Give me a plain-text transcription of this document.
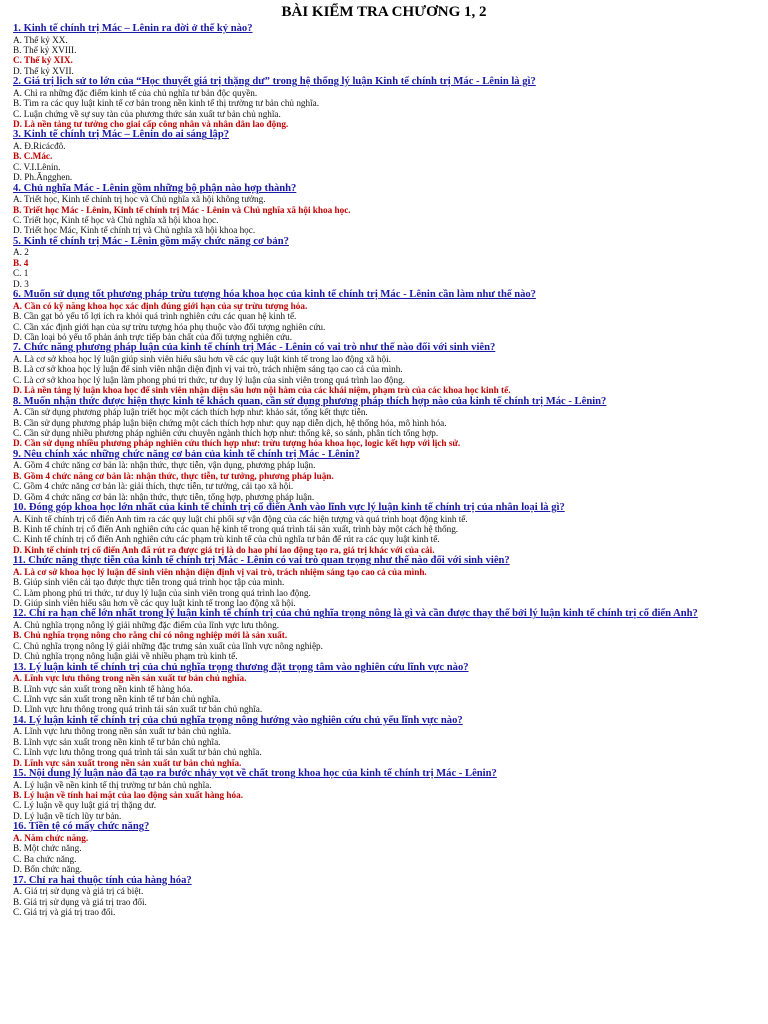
BÀI KIỂM TRA CHƯƠNG 1, 2
1. Kinh tế chính trị Mác – Lênin ra đời ở thế kỷ nào?
A. Thế kỷ XX.
B. Thế kỷ XVIII.
C. Thế kỷ XIX.
D. Thế kỷ XVII.
2. Giá trị lịch sử to lớn của “Học thuyết giá trị thặng dư” trong hệ thống lý luận Kinh tế chính trị Mác - Lênin là gì?
A. Chỉ ra những đặc điểm kinh tế của chủ nghĩa tư bản độc quyền.
B. Tìm ra các quy luật kinh tế cơ bản trong nền kinh tế thị trường tư bản chủ nghĩa.
C. Luận chứng về sự suy tàn của phương thức sản xuất tư bản chủ nghĩa.
D. Là nền tảng tư tưởng cho giai cấp công nhân và nhân dân lao động.
3. Kinh tế chính trị Mác – Lênin do ai sáng lập?
A. Đ.Ricácđô.
B. C.Mác.
C. V.I.Lênin.
D. Ph.Ăngghen.
4. Chủ nghĩa Mác - Lênin gồm những bộ phận nào hợp thành?
A. Triết học, Kinh tế chính trị học và Chủ nghĩa xã hội không tưởng.
B. Triết học Mác - Lênin, Kinh tế chính trị Mác - Lênin và Chủ nghĩa xã hội khoa học.
C. Triết học, Kinh tế học và Chủ nghĩa xã hội khoa học.
D. Triết học Mác, Kinh tế chính trị và Chủ nghĩa xã hội khoa học.
5. Kinh tế chính trị Mác - Lênin gồm mấy chức năng cơ bản?
A. 2
B. 4
C. 1
D. 3
6. Muốn sử dụng tốt phương pháp trừu tượng hóa khoa học của kinh tế chính trị Mác - Lênin cần làm như thế nào?
A. Cần có kỹ năng khoa học xác định đúng giới hạn của sự trừu tượng hóa.
B. Cần gạt bỏ yếu tố lợi ích ra khỏi quá trình nghiên cứu các quan hệ kinh tế.
C. Cần xác định giới hạn của sự trừu tượng hóa phụ thuộc vào đối tượng nghiên cứu.
D. Cần loại bỏ yếu tố phản ánh trực tiếp bản chất của đối tượng nghiên cứu.
7. Chức năng phương pháp luận của kinh tế chính trị Mác - Lênin có vai trò như thế nào đối với sinh viên?
A. Là cơ sở khoa học lý luận giúp sinh viên hiểu sâu hơn về các quy luật kinh tế trong lao động xã hội.
B. Là cơ sở khoa học lý luận để sinh viên nhận diện định vị vai trò, trách nhiệm sáng tạo cao cả của mình.
C. Là cơ sở khoa học lý luận làm phong phú tri thức, tư duy lý luận của sinh viên trong quá trình lao động.
D. Là nền tảng lý luận khoa học để sinh viên nhận diện sâu hơn nội hàm của các khái niệm, phạm trù của các khoa học kinh tế.
8. Muốn nhận thức được hiện thực kinh tế khách quan, cần sử dụng phương pháp thích hợp nào của kinh tế chính trị Mác - Lênin?
A. Cần sử dụng phương pháp luận triết học một cách thích hợp như: khảo sát, tổng kết thực tiễn.
B. Cần sử dụng phương pháp luận biện chứng một cách thích hợp như: quy nạp diễn dịch, hệ thống hóa, mô hình hóa.
C. Cần sử dụng nhiều phương pháp nghiên cứu chuyên ngành thích hợp như: thống kê, so sánh, phân tích tổng hợp.
D. Cần sử dụng nhiều phương pháp nghiên cứu thích hợp như: trừu tượng hóa khoa học, logic kết hợp với lịch sử.
9. Nêu chính xác những chức năng cơ bản của kinh tế chính trị Mác - Lênin?
A. Gồm 4 chức năng cơ bản là: nhận thức, thực tiễn, vận dụng, phương pháp luận.
B. Gồm 4 chức năng cơ bản là: nhận thức, thực tiễn, tư tưởng, phương pháp luận.
C. Gồm 4 chức năng cơ bản là: giải thích, thực tiễn, tư tưởng, cải tạo xã hội.
D. Gồm 4 chức năng cơ bản là: nhận thức, thực tiễn, tổng hợp, phương pháp luận.
10. Đóng góp khoa học lớn nhất của kinh tế chính trị cổ điển Anh vào lĩnh vực lý luận kinh tế chính trị của nhân loại là gì?
A. Kinh tế chính trị cổ điển Anh tìm ra các quy luật chi phối sự vận động của các hiện tượng và quá trình hoạt động kinh tế.
B. Kinh tế chính trị cổ điển Anh nghiên cứu các quan hệ kinh tế trong quá trình tái sản xuất, trình bày một cách hệ thống.
C. Kinh tế chính trị cổ điển Anh nghiên cứu các phạm trù kinh tế của chủ nghĩa tư bản để rút ra các quy luật kinh tế.
D. Kinh tế chính trị cổ điển Anh đã rút ra được giá trị là do hao phí lao động tạo ra, giá trị khác với của cải.
11. Chức năng thực tiễn của kinh tế chính trị Mác - Lênin có vai trò quan trọng như thế nào đối với sinh viên?
A. Là cơ sở khoa học lý luận để sinh viên nhận diện định vị vai trò, trách nhiệm sáng tạo cao cả của mình.
B. Giúp sinh viên cải tạo được thực tiễn trong quá trình học tập của mình.
C. Làm phong phú tri thức, tư duy lý luận của sinh viên trong quá trình lao động.
D. Giúp sinh viên hiểu sâu hơn về các quy luật kinh tế trong lao động xã hội.
12. Chỉ ra hạn chế lớn nhất trong lý luận kinh tế chính trị của chủ nghĩa trọng nông là gì và cần được thay thế bởi lý luận kinh tế chính trị cổ điển Anh?
A. Chủ nghĩa trọng nông lý giải những đặc điểm của lĩnh vực lưu thông.
B. Chủ nghĩa trọng nông cho rằng chỉ có nông nghiệp mới là sản xuất.
C. Chủ nghĩa trọng nông lý giải những đặc trưng sản xuất của lĩnh vực nông nghiệp.
D. Chủ nghĩa trọng nông luận giải về nhiều phạm trù kinh tế.
13. Lý luận kinh tế chính trị của chủ nghĩa trọng thương đặt trọng tâm vào nghiên cứu lĩnh vực nào?
A. Lĩnh vực lưu thông trong nền sản xuất tư bản chủ nghĩa.
B. Lĩnh vực sản xuất trong nền kinh tế hàng hóa.
C. Lĩnh vực sản xuất trong nền kinh tế tư bản chủ nghĩa.
D. Lĩnh vực lưu thông trong quá trình tái sản xuất tư bản chủ nghĩa.
14. Lý luận kinh tế chính trị của chủ nghĩa trọng nông hướng vào nghiên cứu chủ yếu lĩnh vực nào?
A. Lĩnh vực lưu thông trong nền sản xuất tư bản chủ nghĩa.
B. Lĩnh vực sản xuất trong nền kinh tế tư bản chủ nghĩa.
C. Lĩnh vực lưu thông trong quá trình tái sản xuất tư bản chủ nghĩa.
D. Lĩnh vực sản xuất trong nền sản xuất tư bản chủ nghĩa.
15. Nội dung lý luận nào đã tạo ra bước nhảy vọt về chất trong khoa học của kinh tế chính trị Mác - Lênin?
A. Lý luận về nền kinh tế thị trường tư bản chủ nghĩa.
B. Lý luận về tính hai mặt của lao động sản xuất hàng hóa.
C. Lý luận về quy luật giá trị thặng dư.
D. Lý luận về tích lũy tư bản.
16. Tiền tệ có mấy chức năng?
A. Năm chức năng.
B. Một chức năng.
C. Ba chức năng.
D. Bốn chức năng.
17. Chỉ ra hai thuộc tính của hàng hóa?
A. Giá trị sử dụng và giá trị cá biệt.
B. Giá trị sử dụng và giá trị trao đổi.
C. Giá trị và giá trị trao đổi.
